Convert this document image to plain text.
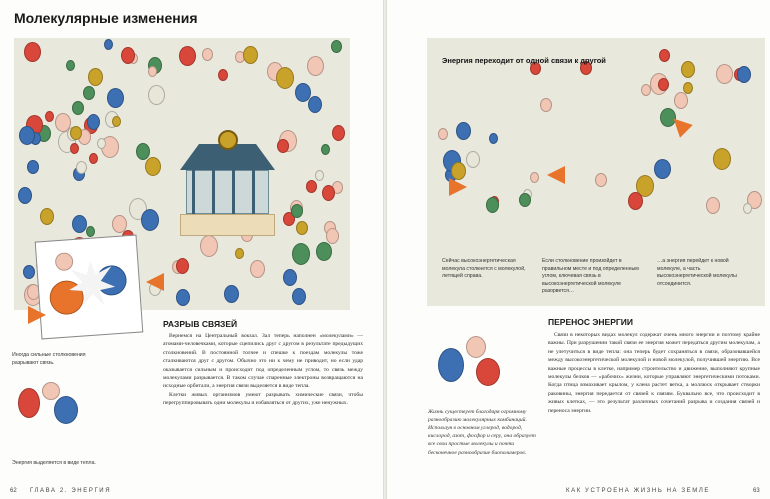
Молекулярные изменения
Иногда сильные столкновения разрывают связь.
Энергия выделяется в виде тепла.
РАЗРЫВ СВЯЗЕЙ

Вернемся на Центральный вокзал. Зал теперь наполнен «молекулами» — атомами-человечками, которые сцепились друг с другом в результате предыдущих столкновений. В постоянной толчее и спешке к поездам молекулы тоже сталкиваются друг с другом. Обычно это ни к чему не приводит, но если удар оказывается сильным и происходит под определенным углом, то связь между молекулами разрывается. В таком случае спаренные электроны возвращаются на исходные орбитали, а энергия связи выделяется в виде тепла.

Клетки живых организмов умеют разрывать химические связи, чтобы перегруппировывать одни молекулы и избавляться от других, уже ненужных.

ГЛАВА 2. ЭНЕРГИЯ
62
Энергия переходит от одной связи к другой
Сейчас высокоэнергетическая молекула столкнется с молекулой, летящей справа.
Если столкновение произойдет в правильном месте и под определенным углом, ключевая связь в высокоэнергетической молекуле разорвется…
…а энергия перейдет к новой молекуле, а часть высокоэнергетической молекулы отсоединится.
ПЕРЕНОС ЭНЕРГИИ
Жизнь существует благодаря огромному разнообразию молекулярных комбинаций. Используя в основном углерод, водород, кислород, азот, фосфор и серу, она образует все свои простые молекулы и почти бесконечное разнообразие биополимеров.

Связи в некоторых видах молекул содержат очень много энергии и поэтому крайне важны. При разрушении такой связи ее энергия может передаться другим молекулам, а не улетучиться в виде тепла: она теперь будет сохраняться в связи, образовавшейся между высокоэнергетической молекулой и новой молекулой, получившей энергию. Все важные процессы в клетке, например строительство и движение, выполняют крупные молекулы белков — «рабочих» жизни, которые управляют энергетическими потоками. Когда птица взмахивает крылом, у клена растет ветка, а моллюск открывает створки раковины, энергия передается от связей к связям. Буквально все, что происходит в живых клетках, — это результат различных сочетаний разрыва и создания связей и переноса энергии.

КАК УСТРОЕНА ЖИЗНЬ НА ЗЕМЛЕ	63
